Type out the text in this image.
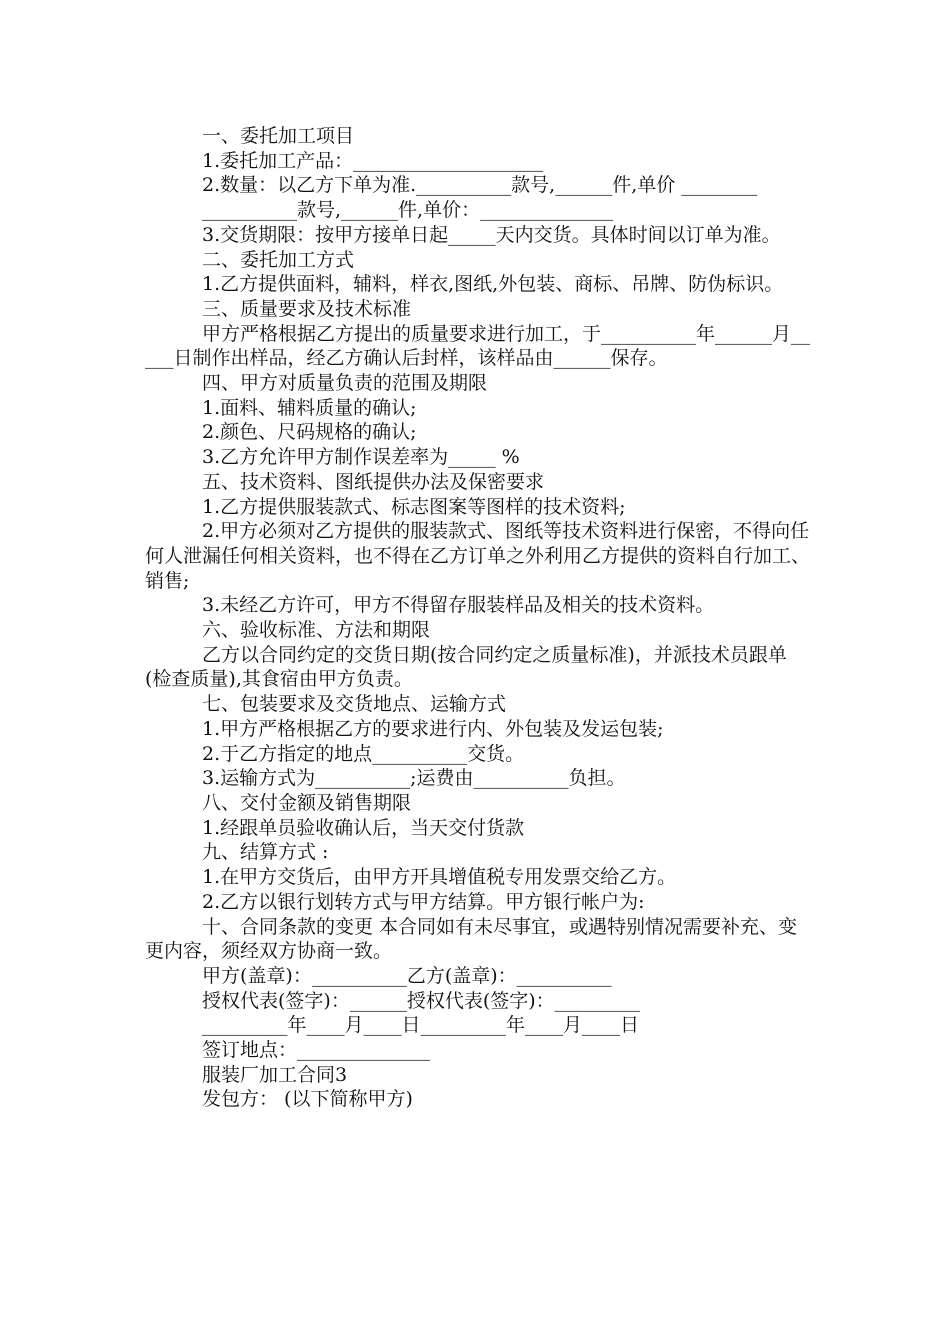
一、委托加工项目

1.委托加工产品：____________________

2.数量：以乙方下单为准.__________款号,______件,单价 ________

__________款号,______件,单价：______________

3.交货期限：按甲方接单日起_____天内交货。具体时间以订单为准。

二、委托加工方式

1.乙方提供面料，辅料，样衣,图纸,外包装、商标、吊牌、防伪标识。

三、质量要求及技术标准

甲方严格根据乙方提出的质量要求进行加工，于__________年______月_____日制作出样品，经乙方确认后封样，该样品由______保存。

四、甲方对质量负责的范围及期限

1.面料、辅料质量的确认;

2.颜色、尺码规格的确认;

3.乙方允许甲方制作误差率为_____ %

五、技术资料、图纸提供办法及保密要求

1.乙方提供服装款式、标志图案等图样的技术资料;

2.甲方必须对乙方提供的服装款式、图纸等技术资料进行保密，不得向任何人泄漏任何相关资料，也不得在乙方订单之外利用乙方提供的资料自行加工、销售;

3.未经乙方许可，甲方不得留存服装样品及相关的技术资料。

六、验收标准、方法和期限

乙方以合同约定的交货日期(按合同约定之质量标准)，并派技术员跟单(检查质量),其食宿由甲方负责。

七、包装要求及交货地点、运输方式

1.甲方严格根据乙方的要求进行内、外包装及发运包装;

2.于乙方指定的地点__________交货。

3.运输方式为__________;运费由__________负担。

八、交付金额及销售期限

1.经跟单员验收确认后，当天交付货款

九、结算方式 :

1.在甲方交货后，由甲方开具增值税专用发票交给乙方。

2.乙方以银行划转方式与甲方结算。甲方银行帐户为:

十、合同条款的变更 本合同如有未尽事宜，或遇特别情况需要补充、变更内容，须经双方协商一致。

甲方(盖章)：__________乙方(盖章)：__________

授权代表(签字)：______授权代表(签字)：_________

_________年____月____日_________年____月____日

签订地点：______________

服装厂加工合同3

发包方： (以下简称甲方)
